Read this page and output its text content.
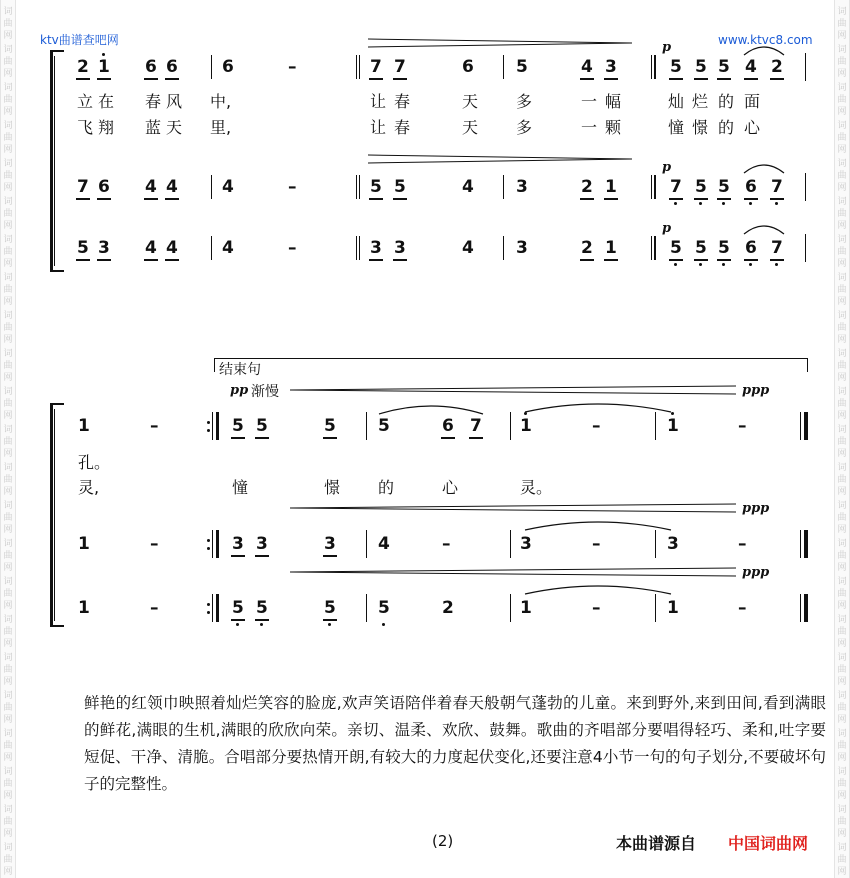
词
曲
网
词
曲
网
词
曲
网
词
曲
网
词
曲
网
词
曲
网
词
曲
网
词
曲
网
词
曲
网
词
曲
网
词
曲
网
词
曲
网
词
曲
网
词
曲
网
词
曲
网
词
曲
网
词
曲
网
词
曲
网
词
曲
网
词
曲
网
词
曲
网
词
曲
网
词
曲
网
词
曲
网
词
曲
网
词
曲
网
词
曲
网
词
曲
网
词
曲
网
词
曲
网
词
曲
网
词
曲
网
词
曲
网
词
曲
网
词
曲
网
词
曲
网
词
曲
网
词
曲
网
词
曲
网
词
曲
网
词
曲
网
词
曲
网
词
曲
网
词
曲
网
词
曲
网
词
曲
网
ktv曲谱查吧网	www.ktvc8.com
2 1 6 6	6	–	7 7	6 5	4 3	5 5 5 4 2
7 6 4 4	4	–	5 5	4 3	2 1	7 5 5 6 7
p
5 3 4 4	4	–	3 3	4 3	2 1	5 5 5 6 7
p
p
立 在 春 风 中,	让 春	天 多	一 幅	灿 烂 的 面
飞 翔 蓝 天 里,	让 春	天 多	一 颗	憧 憬 的 心
结束句
pp 渐慢	ppp
ppp
ppp
1	–	5 5	5 5	6 7 1	–	1	–
1	–	3 3	3 4	–	3	–	3	–
1	–	5 5	5 5	2	1	–	1	–
孔。
灵,	憧	憬 的	心	灵。
鲜艳的红领巾映照着灿烂笑容的脸庞,欢声笑语陪伴着春天般朝气蓬勃的儿童。来到野外,来到田间,看到满眼的鲜花,满眼的生机,满眼的欣欣向荣。亲切、温柔、欢欣、鼓舞。歌曲的齐唱部分要唱得轻巧、柔和,吐字要短促、干净、清脆。合唱部分要热情开朗,有较大的力度起伏变化,还要注意4小节一句的句子划分,不要破坏句子的完整性。
(2)	本曲谱源自 中国词曲网
